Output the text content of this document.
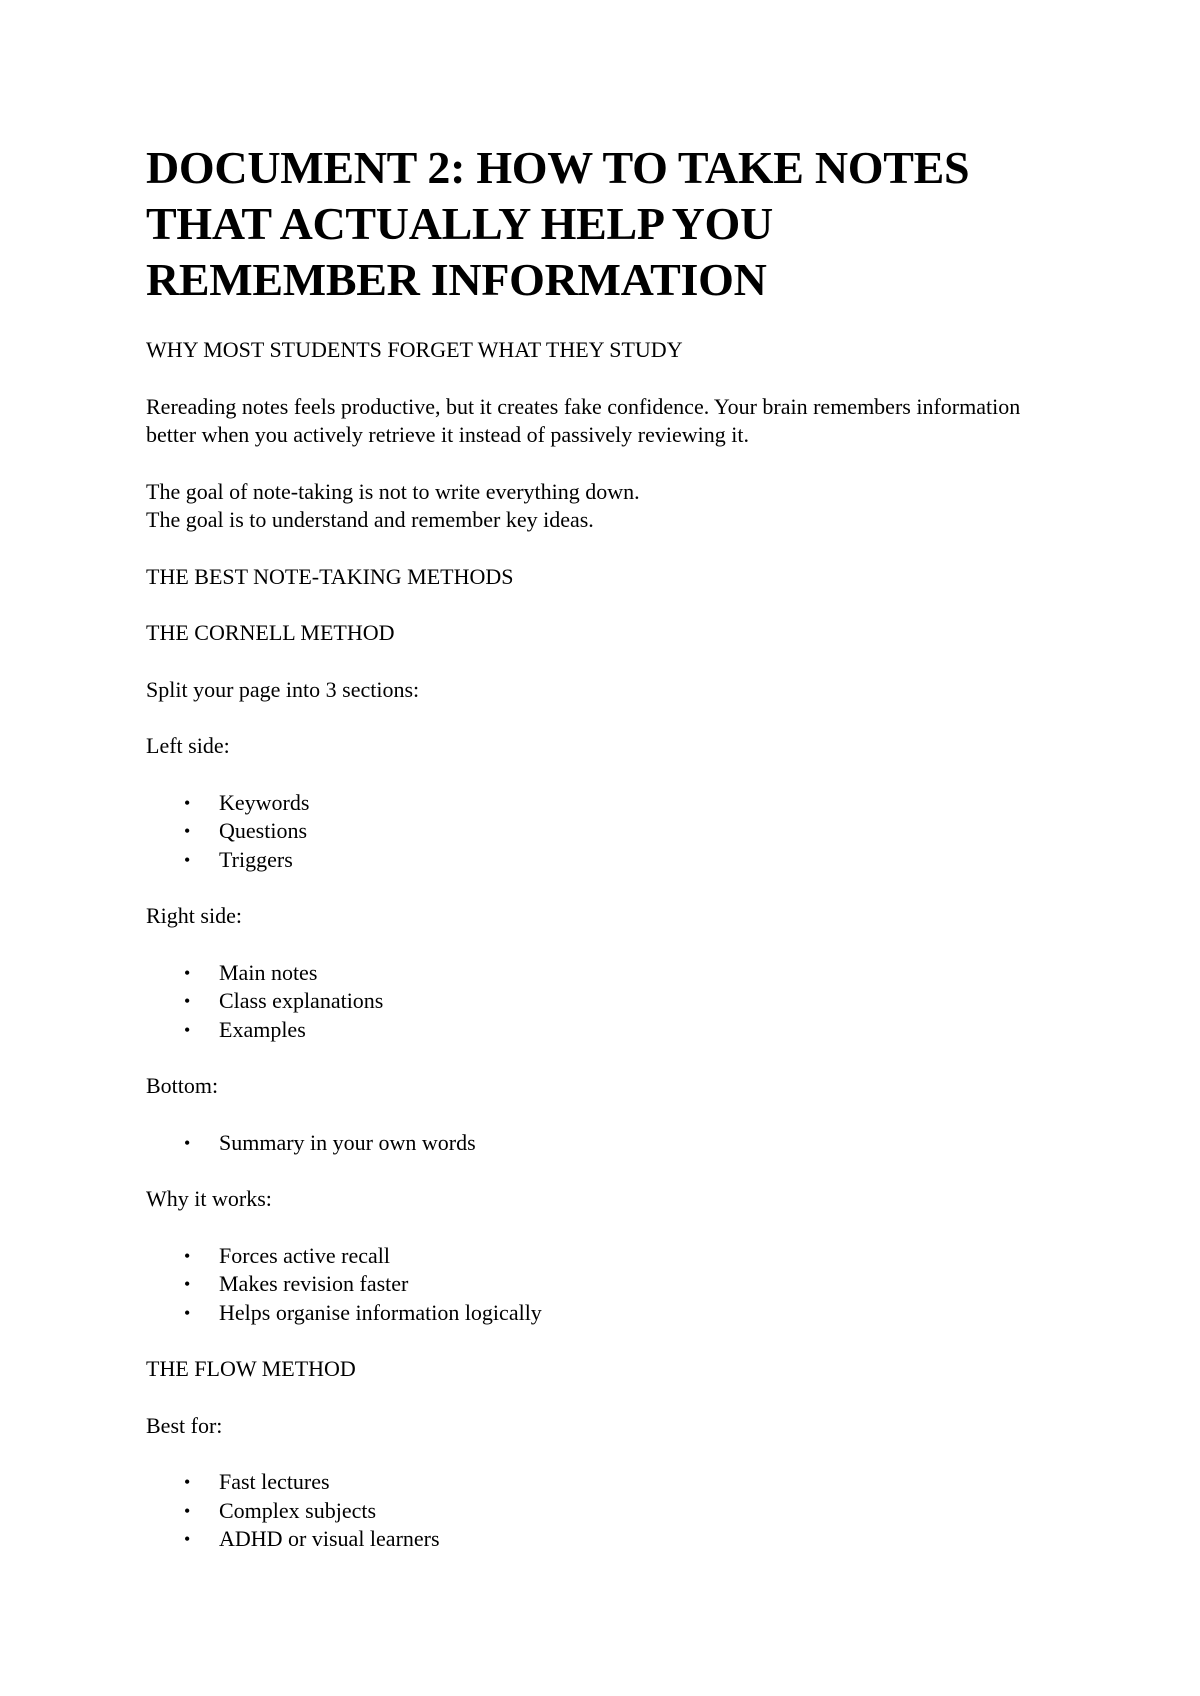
DOCUMENT 2: HOW TO TAKE NOTES THAT ACTUALLY HELP YOU REMEMBER INFORMATION

WHY MOST STUDENTS FORGET WHAT THEY STUDY

Rereading notes feels productive, but it creates fake confidence. Your brain remembers information better when you actively retrieve it instead of passively reviewing it.

The goal of note-taking is not to write everything down.
The goal is to understand and remember key ideas.

THE BEST NOTE-TAKING METHODS

THE CORNELL METHOD

Split your page into 3 sections:

Left side:

• Keywords
• Questions
• Triggers

Right side:

• Main notes
• Class explanations
• Examples

Bottom:

• Summary in your own words

Why it works:

• Forces active recall
• Makes revision faster
• Helps organise information logically

THE FLOW METHOD

Best for:

• Fast lectures
• Complex subjects
• ADHD or visual learners
